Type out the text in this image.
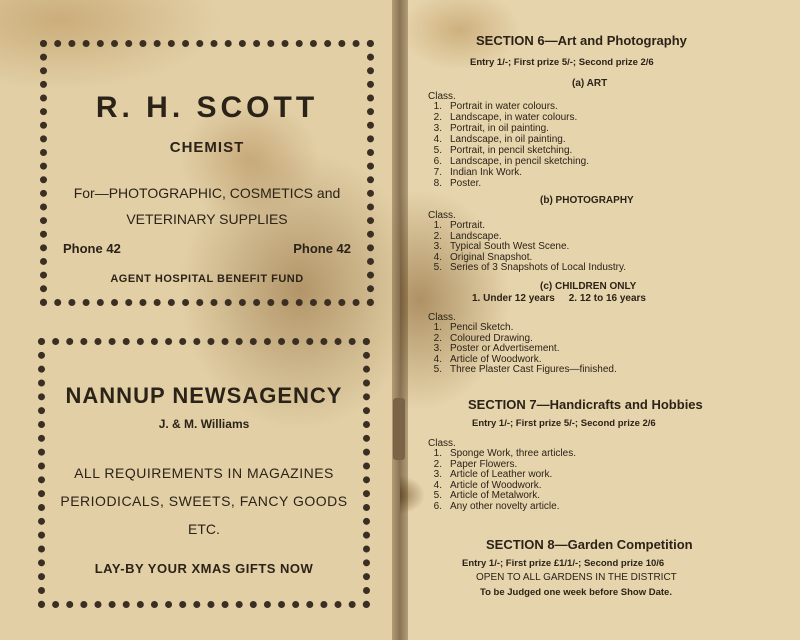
R. H. SCOTT
CHEMIST
For—PHOTOGRAPHIC, COSMETICS and
VETERINARY SUPPLIES
Phone 42	Phone 42
AGENT HOSPITAL BENEFIT FUND
NANNUP NEWSAGENCY
J. & M. Williams
ALL REQUIREMENTS IN MAGAZINES
PERIODICALS, SWEETS, FANCY GOODS
ETC.
LAY-BY YOUR XMAS GIFTS NOW
SECTION 6—Art and Photography
Entry 1/-; First prize 5/-; Second prize 2/6
(a) ART
Class.
1. Portrait in water colours.
2. Landscape, in water colours.
3. Portrait, in oil painting.
4. Landscape, in oil painting.
5. Portrait, in pencil sketching.
6. Landscape, in pencil sketching.
7. Indian Ink Work.
8. Poster.
(b) PHOTOGRAPHY
Class.
1. Portrait.
2. Landscape.
3. Typical South West Scene.
4. Original Snapshot.
5. Series of 3 Snapshots of Local Industry.
(c) CHILDREN ONLY
1. Under 12 years     2. 12 to 16 years
Class.
1. Pencil Sketch.
2. Coloured Drawing.
3. Poster or Advertisement.
4. Article of Woodwork.
5. Three Plaster Cast Figures—finished.
SECTION 7—Handicrafts and Hobbies
Entry 1/-; First prize 5/-; Second prize 2/6
Class.
1. Sponge Work, three articles.
2. Paper Flowers.
3. Article of Leather work.
4. Article of Woodwork.
5. Article of Metalwork.
6. Any other novelty article.
SECTION 8—Garden Competition
Entry 1/-; First prize £1/1/-; Second prize 10/6
OPEN TO ALL GARDENS IN THE DISTRICT
To be Judged one week before Show Date.
